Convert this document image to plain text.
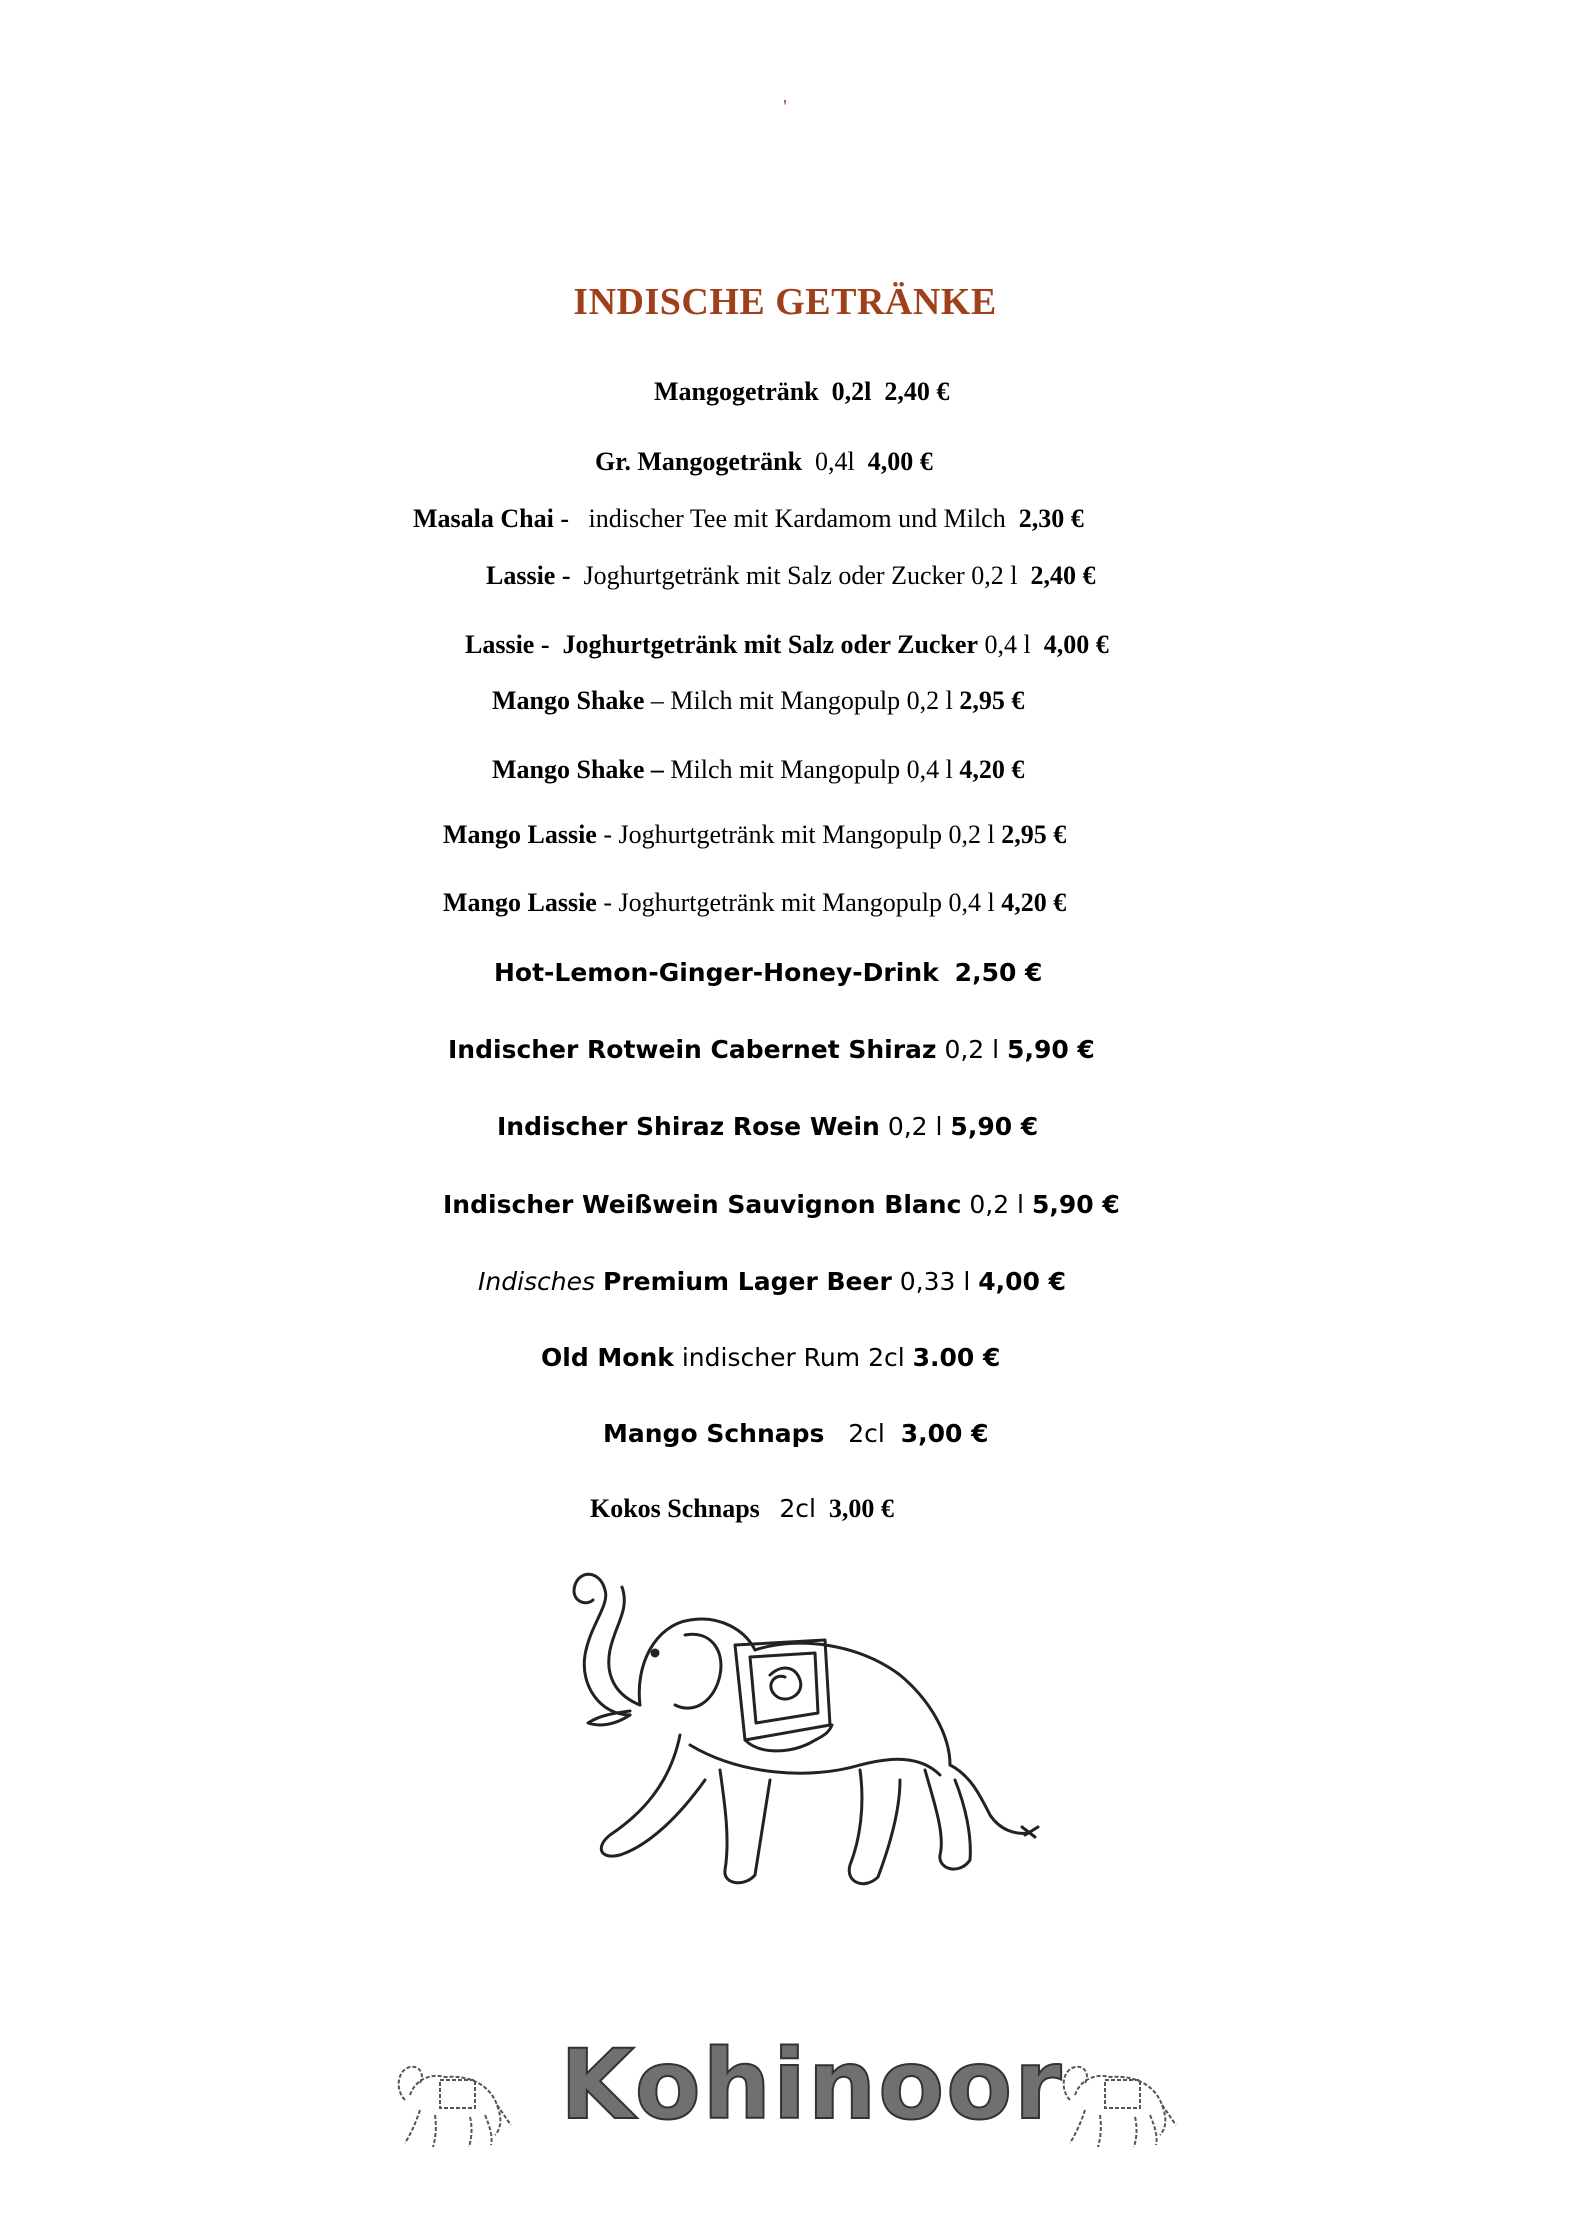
'
INDISCHE GETRÄNKE
Mangogetränk 0,2l 2,40 €
Gr. Mangogetränk 0,4l 4,00 €
Masala Chai - indischer Tee mit Kardamom und Milch 2,30 €
Lassie - Joghurtgetränk mit Salz oder Zucker 0,2 l 2,40 €
Lassie - Joghurtgetränk mit Salz oder Zucker 0,4 l 4,00 €
Mango Shake – Milch mit Mangopulp 0,2 l 2,95 €
Mango Shake – Milch mit Mangopulp 0,4 l 4,20 €
Mango Lassie - Joghurtgetränk mit Mangopulp 0,2 l 2,95 €
Mango Lassie - Joghurtgetränk mit Mangopulp 0,4 l 4,20 €
Hot-Lemon-Ginger-Honey-Drink 2,50 €
Indischer Rotwein Cabernet Shiraz 0,2 l 5,90 €
Indischer Shiraz Rose Wein 0,2 l 5,90 €
Indischer Weißwein Sauvignon Blanc 0,2 l 5,90 €
Indisches Premium Lager Beer 0,33 l 4,00 €
Old Monk indischer Rum 2cl 3.00 €
Mango Schnaps 2cl 3,00 €
Kokos Schnaps 2cl 3,00 €
Kohinoor
